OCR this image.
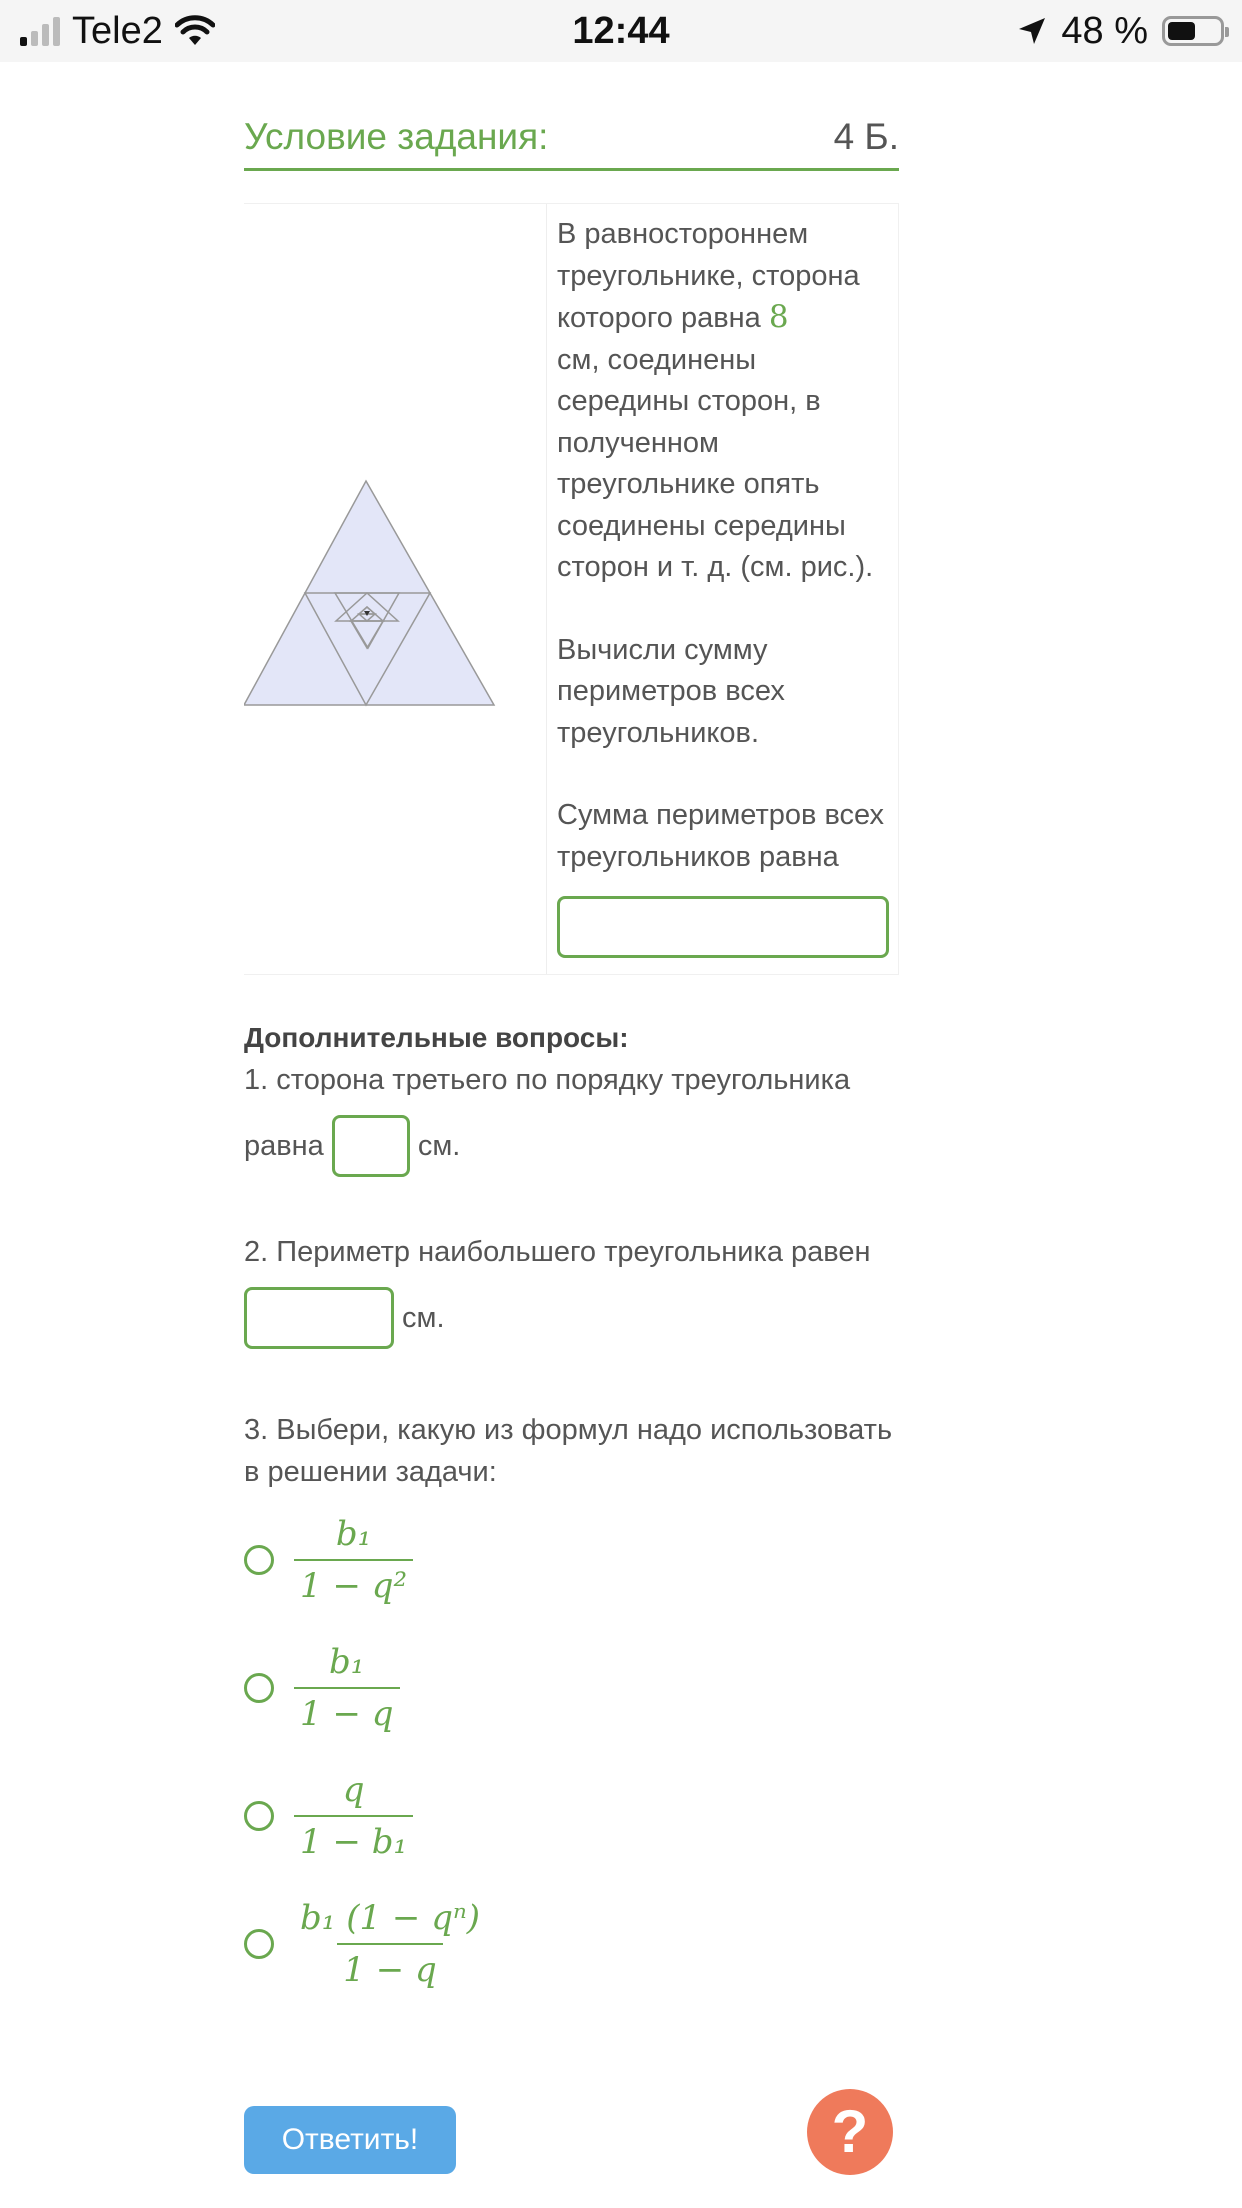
Tele2	12:44	48 %
Условие задания:	4 Б.

В равностороннем треугольнике, сторона которого равна 8
см, соединены середины сторон, в полученном треугольнике опять соединены середины сторон и т. д. (см. рис.).

Вычисли сумму периметров всех треугольников.

Сумма периметров всех треугольников равна

Дополнительные вопросы:
1. сторона третьего по порядку треугольника
равна	см.
2. Периметр наибольшего треугольника равен
см.
3. Выбери, какую из формул надо использовать в решении задачи:
$\frac{\text{b₁}}{\text{1 − q²}}$
$\frac{\text{b₁}}{1 - q}$
$\frac{q}{\text{1 − b₁}}$
$\frac{\text{b₁ (1 − qⁿ)}}{1 - q}$
Ответить!	?
